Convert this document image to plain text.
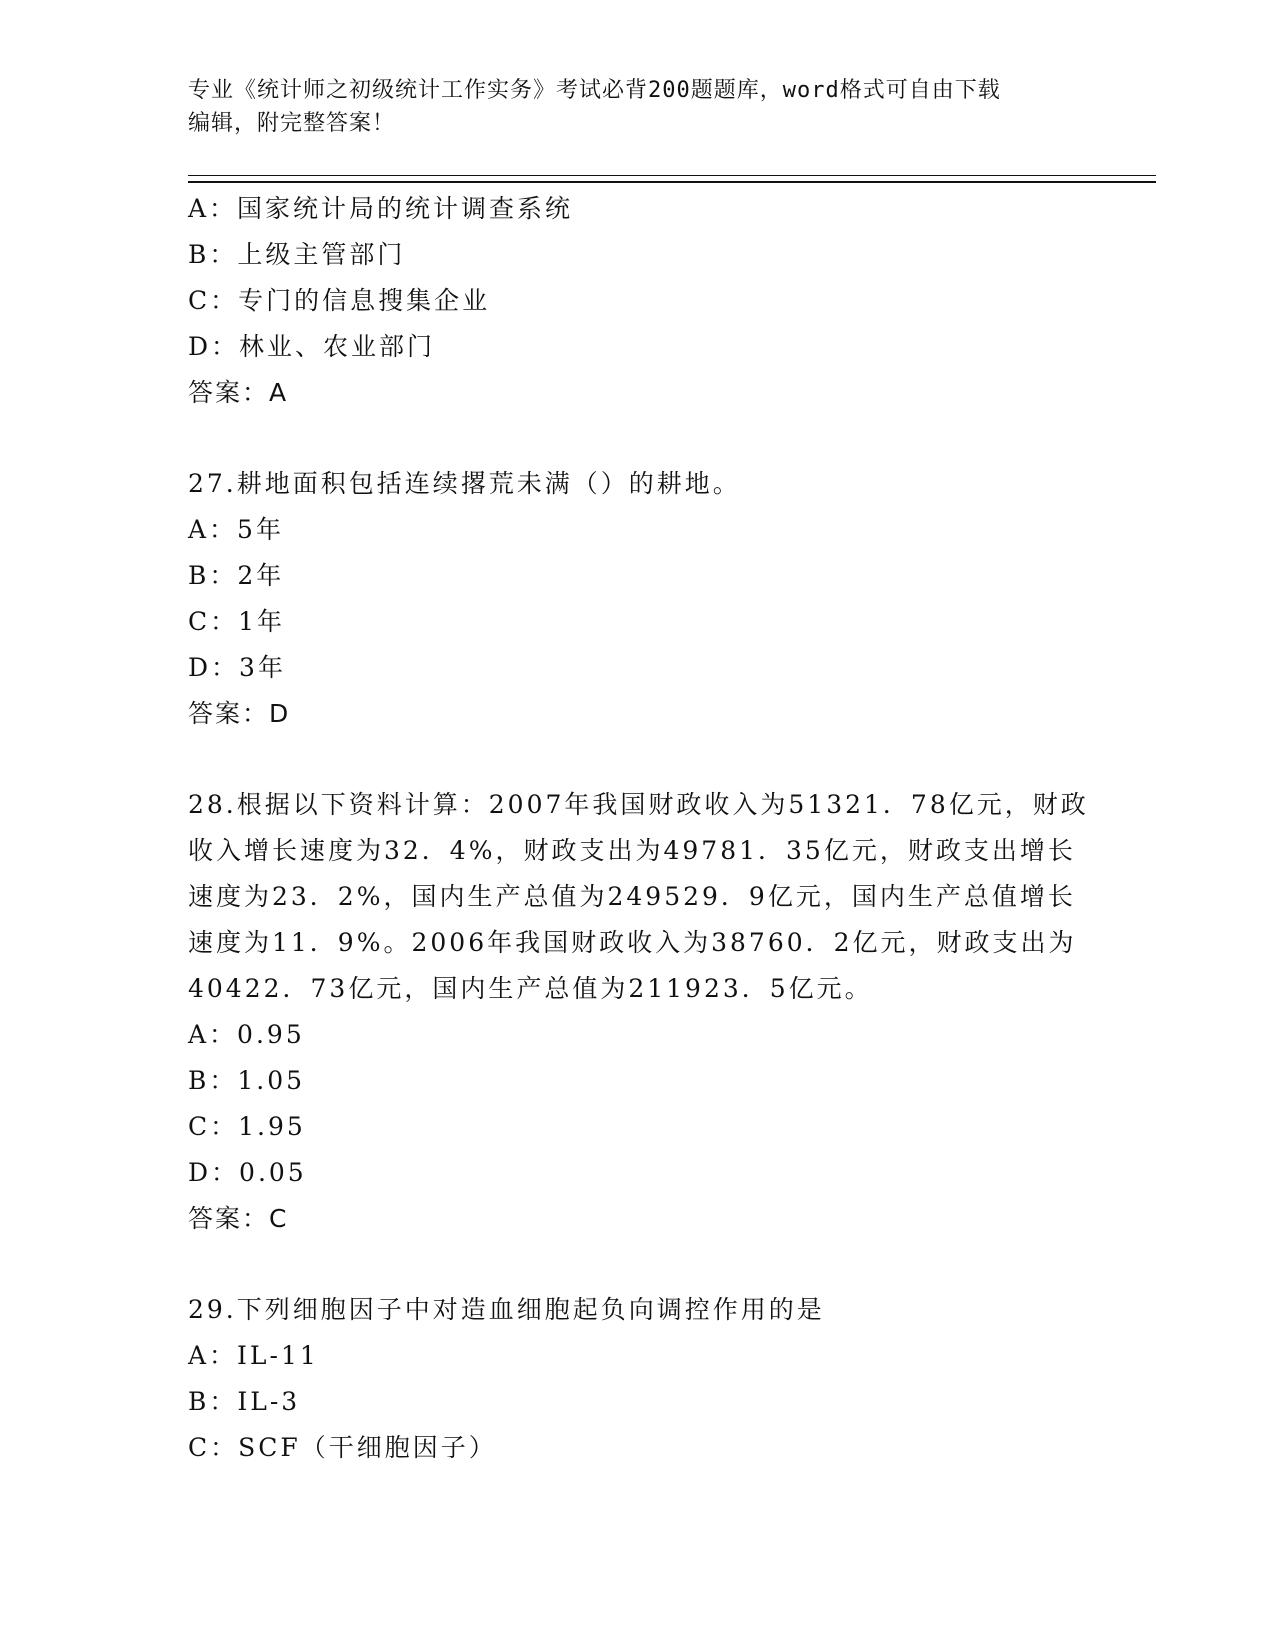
专业《统计师之初级统计工作实务》考试必背200题题库，word格式可自由下载
编辑，附完整答案！
A：国家统计局的统计调查系统
B：上级主管部门
C：专门的信息搜集企业
D：林业、农业部门
答案：A
27.耕地面积包括连续撂荒未满（）的耕地。
A：5年
B：2年
C：1年
D：3年
答案：D
28.根据以下资料计算：2007年我国财政收入为51321．78亿元，财政
收入增长速度为32．4%，财政支出为49781．35亿元，财政支出增长
速度为23．2%，国内生产总值为249529．9亿元，国内生产总值增长
速度为11．9%。2006年我国财政收入为38760．2亿元，财政支出为
40422．73亿元，国内生产总值为211923．5亿元。
A：0.95
B：1.05
C：1.95
D：0.05
答案：C
29.下列细胞因子中对造血细胞起负向调控作用的是
A：IL-11
B：IL-3
C：SCF（干细胞因子）
